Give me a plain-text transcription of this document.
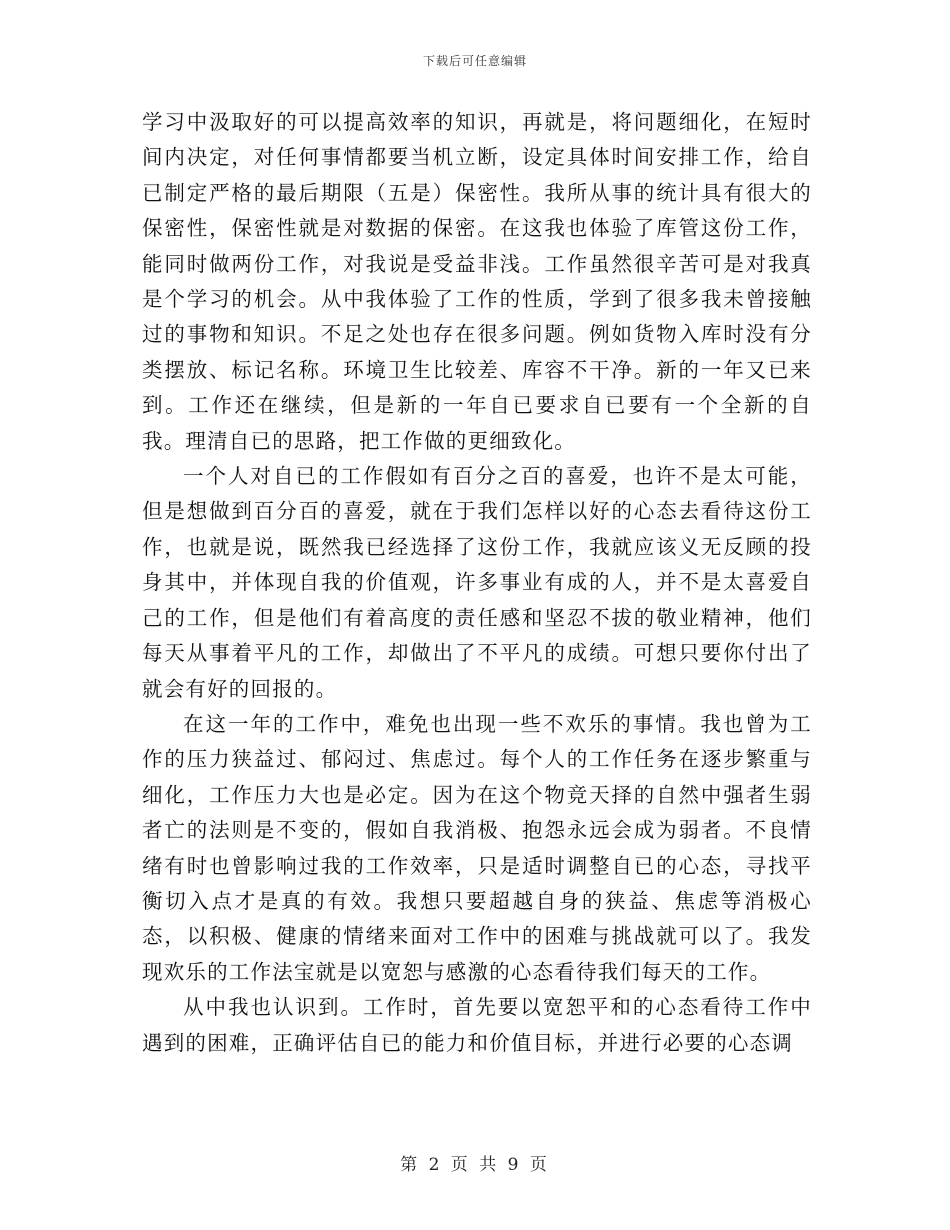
下载后可任意编辑

学习中汲取好的可以提高效率的知识，再就是，将问题细化，在短时间内决定，对任何事情都要当机立断，设定具体时间安排工作，给自已制定严格的最后期限（五是）保密性。我所从事的统计具有很大的保密性，保密性就是对数据的保密。在这我也体验了库管这份工作，能同时做两份工作，对我说是受益非浅。工作虽然很辛苦可是对我真是个学习的机会。从中我体验了工作的性质，学到了很多我未曾接触过的事物和知识。不足之处也存在很多问题。例如货物入库时没有分类摆放、标记名称。环境卫生比较差、库容不干净。新的一年又已来到。工作还在继续，但是新的一年自已要求自已要有一个全新的自我。理清自已的思路，把工作做的更细致化。

一个人对自已的工作假如有百分之百的喜爱，也许不是太可能，但是想做到百分百的喜爱，就在于我们怎样以好的心态去看待这份工作，也就是说，既然我已经选择了这份工作，我就应该义无反顾的投身其中，并体现自我的价值观，许多事业有成的人，并不是太喜爱自己的工作，但是他们有着高度的责任感和坚忍不拔的敬业精神，他们每天从事着平凡的工作，却做出了不平凡的成绩。可想只要你付出了就会有好的回报的。

在这一年的工作中，难免也出现一些不欢乐的事情。我也曾为工作的压力狭益过、郁闷过、焦虑过。每个人的工作任务在逐步繁重与细化，工作压力大也是必定。因为在这个物竞天择的自然中强者生弱者亡的法则是不变的，假如自我消极、抱怨永远会成为弱者。不良情绪有时也曾影响过我的工作效率，只是适时调整自已的心态，寻找平衡切入点才是真的有效。我想只要超越自身的狭益、焦虑等消极心态，以积极、健康的情绪来面对工作中的困难与挑战就可以了。我发现欢乐的工作法宝就是以宽恕与感激的心态看待我们每天的工作。

从中我也认识到。工作时，首先要以宽恕平和的心态看待工作中遇到的困难，正确评估自已的能力和价值目标，并进行必要的心态调

第 2 页 共 9 页
